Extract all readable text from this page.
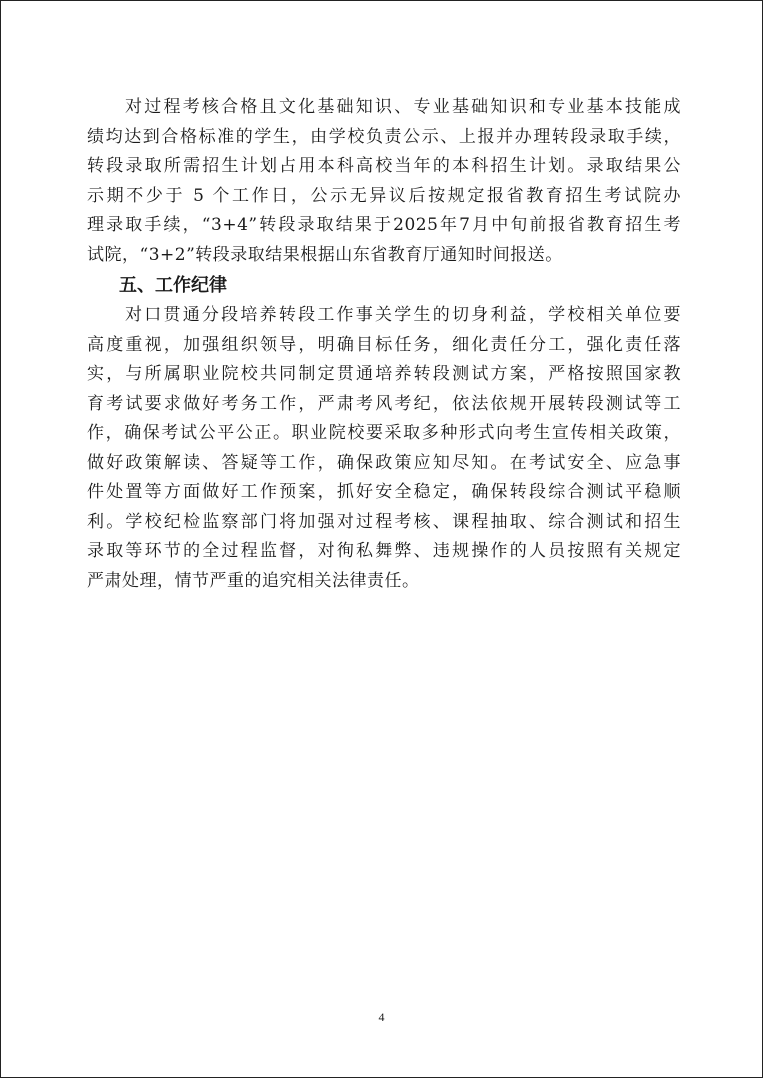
对过程考核合格且文化基础知识、专业基础知识和专业基本技能成
绩均达到合格标准的学生，由学校负责公示、上报并办理转段录取手续，
转段录取所需招生计划占用本科高校当年的本科招生计划。录取结果公
示期不少于 5 个工作日，公示无异议后按规定报省教育招生考试院办
理录取手续，“3+4”转段录取结果于2025年7月中旬前报省教育招生考
试院，“3+2”转段录取结果根据山东省教育厅通知时间报送。
五、工作纪律
对口贯通分段培养转段工作事关学生的切身利益，学校相关单位要
高度重视，加强组织领导，明确目标任务，细化责任分工，强化责任落
实，与所属职业院校共同制定贯通培养转段测试方案，严格按照国家教
育考试要求做好考务工作，严肃考风考纪，依法依规开展转段测试等工
作，确保考试公平公正。职业院校要采取多种形式向考生宣传相关政策，
做好政策解读、答疑等工作，确保政策应知尽知。在考试安全、应急事
件处置等方面做好工作预案，抓好安全稳定，确保转段综合测试平稳顺
利。学校纪检监察部门将加强对过程考核、课程抽取、综合测试和招生
录取等环节的全过程监督，对徇私舞弊、违规操作的人员按照有关规定
严肃处理，情节严重的追究相关法律责任。
4
